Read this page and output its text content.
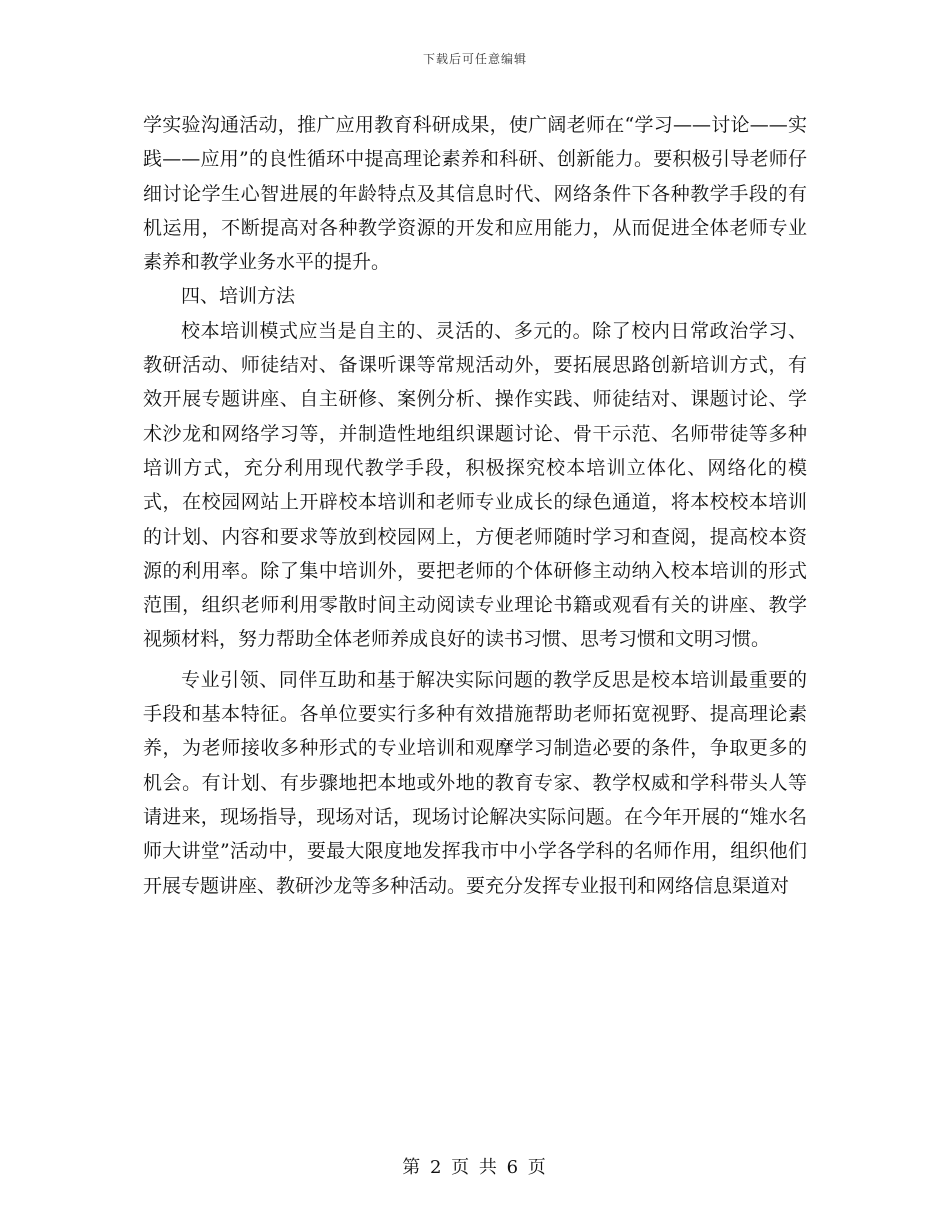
下载后可任意编辑

学实验沟通活动，推广应用教育科研成果，使广阔老师在“学习——讨论——实践——应用”的良性循环中提高理论素养和科研、创新能力。要积极引导老师仔细讨论学生心智进展的年龄特点及其信息时代、网络条件下各种教学手段的有机运用，不断提高对各种教学资源的开发和应用能力，从而促进全体老师专业素养和教学业务水平的提升。

四、培训方法

校本培训模式应当是自主的、灵活的、多元的。除了校内日常政治学习、教研活动、师徒结对、备课听课等常规活动外，要拓展思路创新培训方式，有效开展专题讲座、自主研修、案例分析、操作实践、师徒结对、课题讨论、学术沙龙和网络学习等，并制造性地组织课题讨论、骨干示范、名师带徒等多种培训方式，充分利用现代教学手段，积极探究校本培训立体化、网络化的模式，在校园网站上开辟校本培训和老师专业成长的绿色通道，将本校校本培训的计划、内容和要求等放到校园网上，方便老师随时学习和查阅，提高校本资源的利用率。除了集中培训外，要把老师的个体研修主动纳入校本培训的形式范围，组织老师利用零散时间主动阅读专业理论书籍或观看有关的讲座、教学视频材料，努力帮助全体老师养成良好的读书习惯、思考习惯和文明习惯。

专业引领、同伴互助和基于解决实际问题的教学反思是校本培训最重要的手段和基本特征。各单位要实行多种有效措施帮助老师拓宽视野、提高理论素养，为老师接收多种形式的专业培训和观摩学习制造必要的条件，争取更多的机会。有计划、有步骤地把本地或外地的教育专家、教学权威和学科带头人等请进来，现场指导，现场对话，现场讨论解决实际问题。在今年开展的“雉水名师大讲堂”活动中，要最大限度地发挥我市中小学各学科的名师作用，组织他们开展专题讲座、教研沙龙等多种活动。要充分发挥专业报刊和网络信息渠道对

第 2 页 共 6 页
